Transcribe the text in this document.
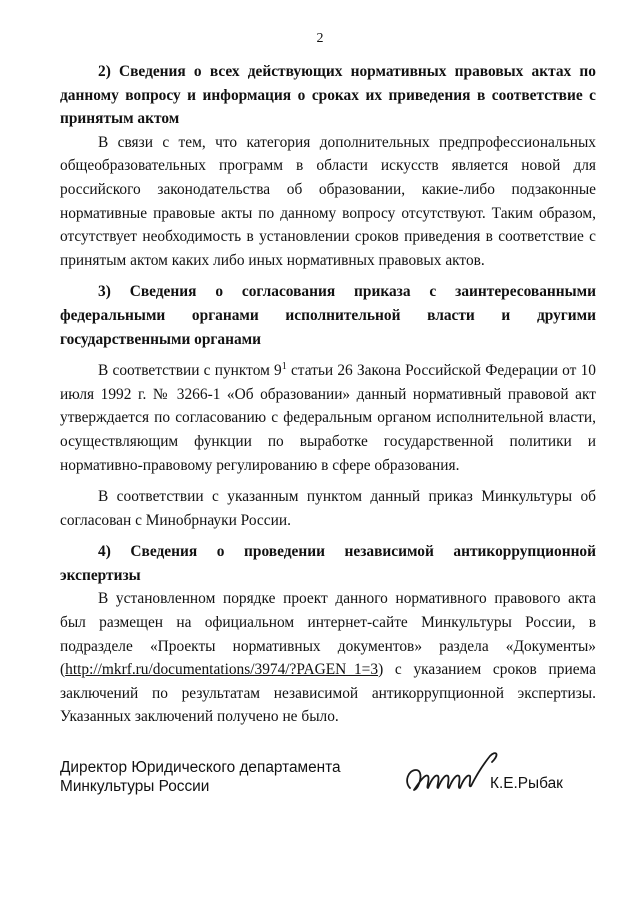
2

2) Сведения о всех действующих нормативных правовых актах по данному вопросу и информация о сроках их приведения в соответствие с принятым актом

В связи с тем, что категория дополнительных предпрофессиональных общеобразовательных программ в области искусств является новой для российского законодательства об образовании, какие-либо подзаконные нормативные правовые акты по данному вопросу отсутствуют. Таким образом, отсутствует необходимость в установлении сроков приведения в соответствие с принятым актом каких либо иных нормативных правовых актов.

3) Сведения о согласования приказа с заинтересованными

федеральными органами исполнительной власти и другими

государственными органами

В соответствии с пунктом $9^1$ статьи 26 Закона Российской Федерации от 10 июля 1992 г. № 3266-1 «Об образовании» данный нормативный правовой акт утверждается по согласованию с федеральным органом исполнительной власти, осуществляющим функции по выработке государственной политики и нормативно-правовому регулированию в сфере образования.

В соответствии с указанным пунктом данный приказ Минкультуры об согласован с Минобрнауки России.

4) Сведения о проведении независимой антикоррупционной экспертизы

В установленном порядке проект данного нормативного правового акта был размещен на официальном интернет-сайте Минкультуры России, в подразделе «Проекты нормативных документов» раздела «Документы» (http://mkrf.ru/documentations/3974/?PAGEN_1=3) с указанием сроков приема заключений по результатам независимой антикоррупционной экспертизы. Указанных заключений получено не было.

Директор Юридического департамента
Минкультуры России	К.Е.Рыбак
